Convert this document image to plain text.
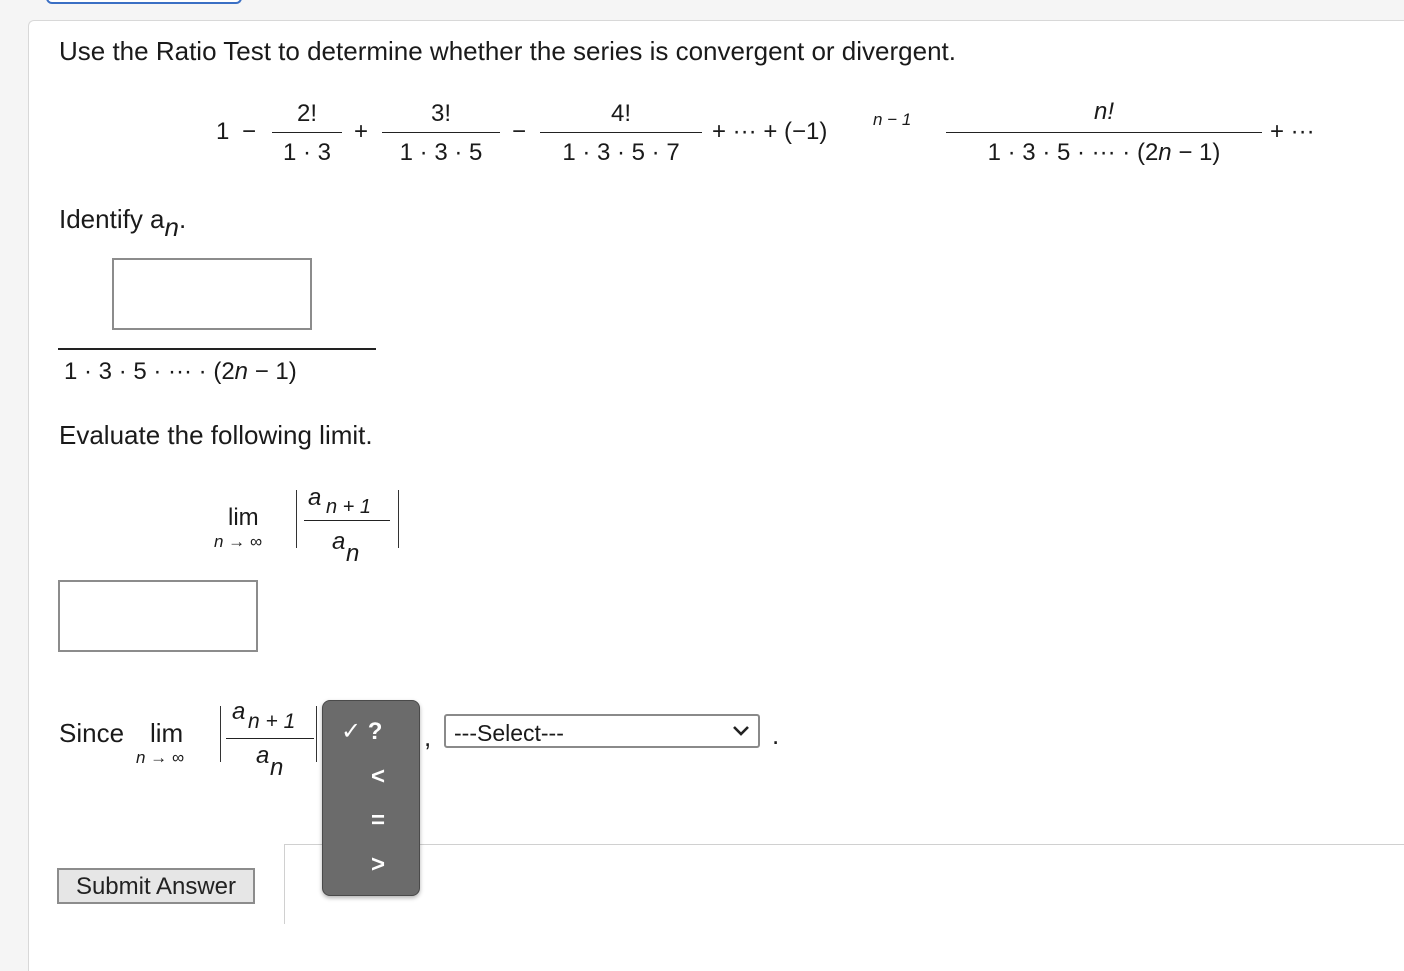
Use the Ratio Test to determine whether the series is convergent or divergent.
1 −
2!
1 · 3
+
3!
1 · 3 · 5
−
4!
1 · 3 · 5 · 7
+ ··· + (−1)	n − 1	n!
1 · 3 · 5 · ··· · (2n − 1)
+ ···
Identify an.
1 · 3 · 5 · ··· · (2n − 1)
Evaluate the following limit.
lim
n → ∞
a n + 1
a n
Since lim
n → ∞
a n + 1
a n
,	.
---Select---
Submit Answer
✓ ?
<
=
>
